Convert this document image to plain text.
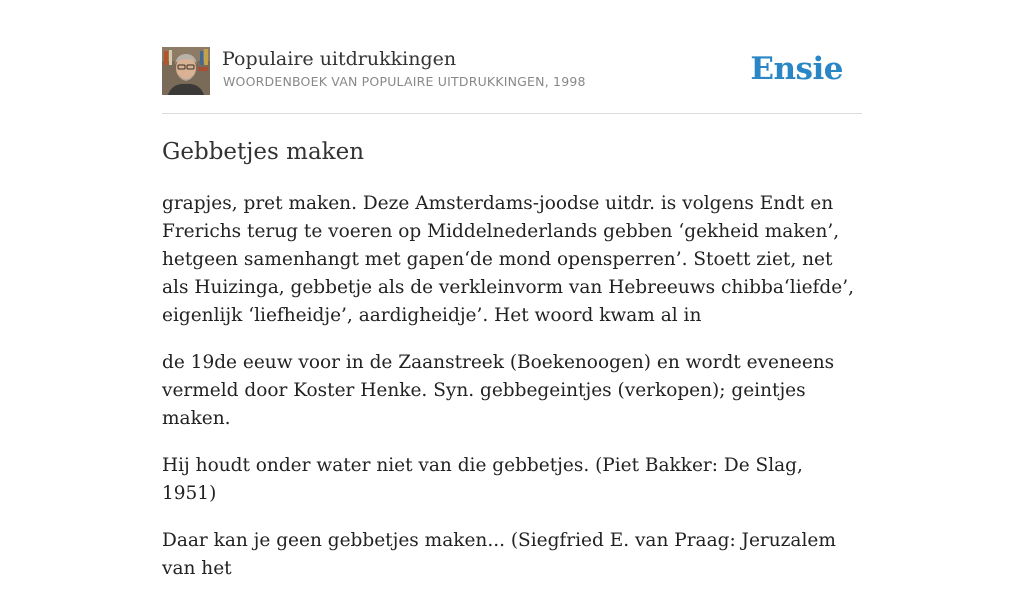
Populaire uitdrukkingen
WOORDENBOEK VAN POPULAIRE UITDRUKKINGEN, 1998	Ensie
Gebbetjes maken

grapjes, pret maken. Deze Amsterdams-joodse uitdr. is volgens Endt en Frerichs terug te voeren op Middelnederlands gebben ‘gekheid maken’, hetgeen samenhangt met gapen‘de mond opensperren’. Stoett ziet, net als Huizinga, gebbetje als de verkleinvorm van Hebreeuws chibba‘liefde’, eigenlijk ‘liefheidje’, aardigheidje’. Het woord kwam al in

de 19de eeuw voor in de Zaanstreek (Boekenoogen) en wordt eveneens vermeld door Koster Henke. Syn. gebbegeintjes (verkopen); geintjes maken.

Hij houdt onder water niet van die gebbetjes. (Piet Bakker: De Slag, 1951)

Daar kan je geen gebbetjes maken... (Siegfried E. van Praag: Jeruzalem van het
